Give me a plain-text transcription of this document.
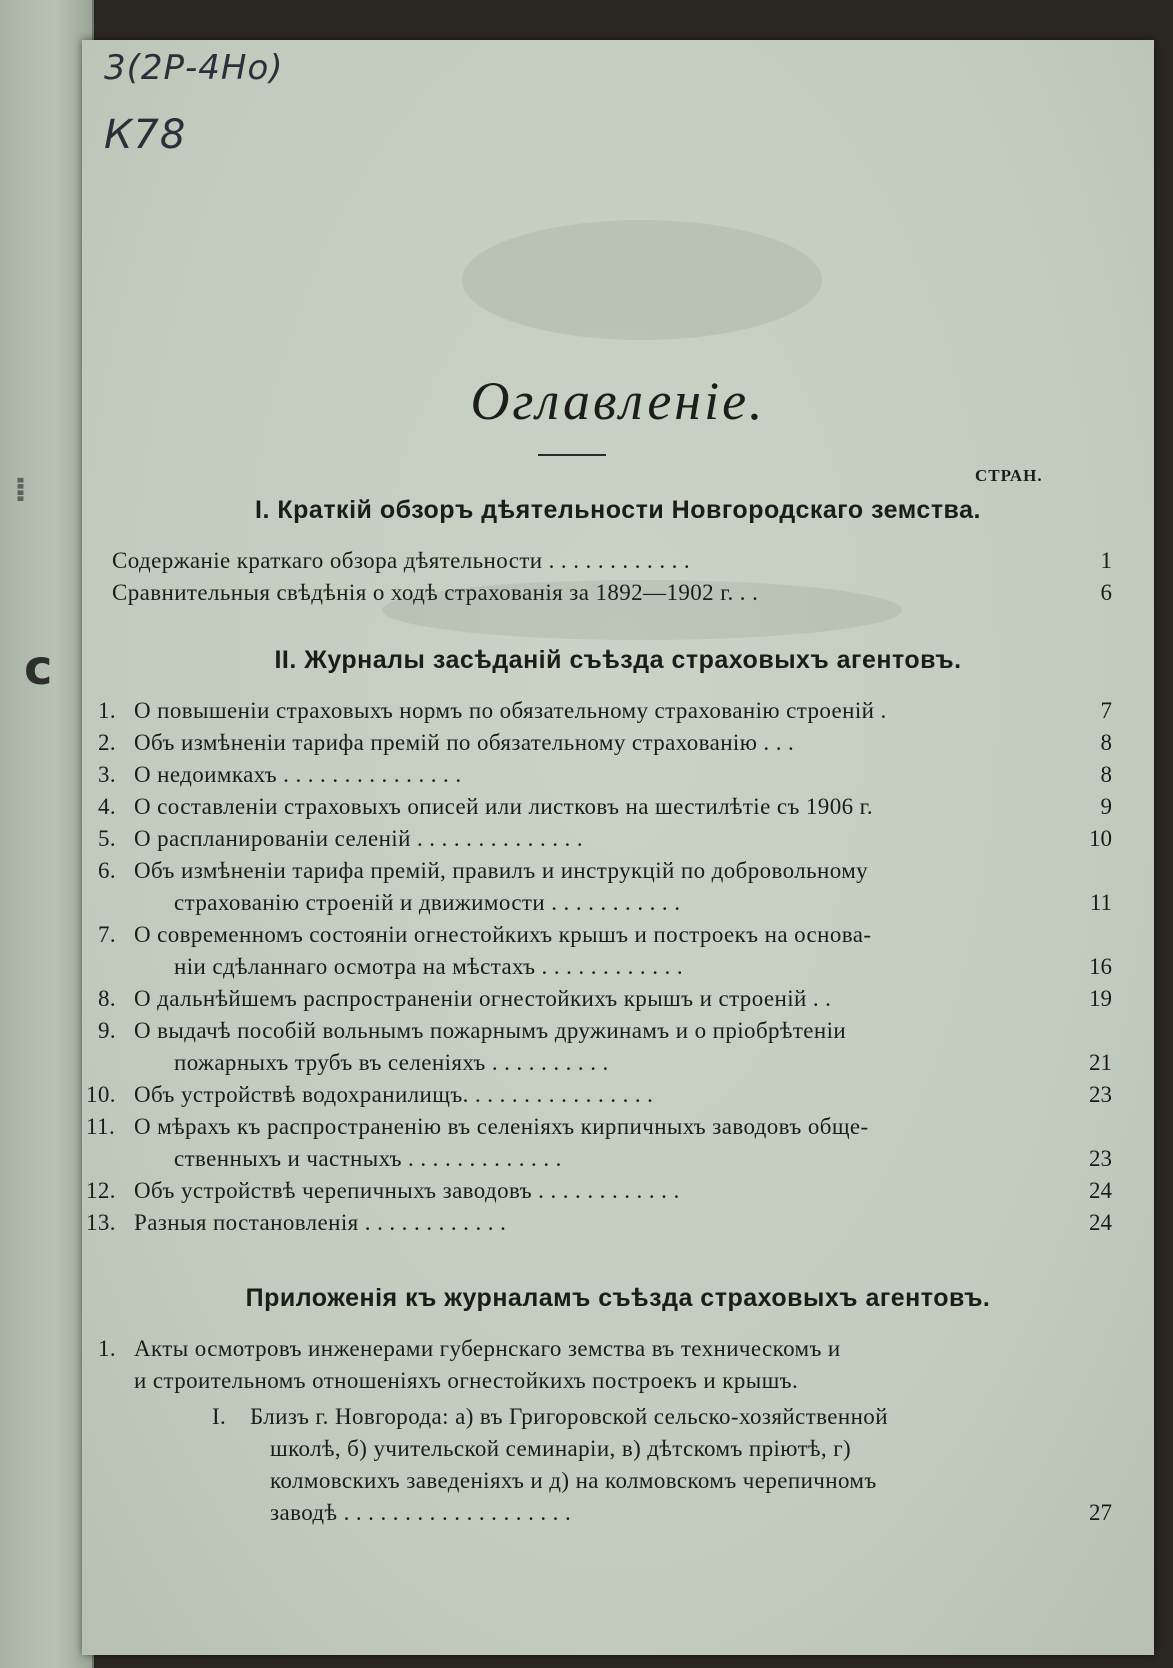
⁞
с
3(2Р-4Но)
К78
Оглавленіе.
СТРАН.
I. Краткій обзоръ дѣятельности Новгородскаго земства.
Содержаніе краткаго обзора дѣятельности . . . . . . . . . . . .	1
Сравнительныя свѣдѣнія о ходѣ страхованія за 1892—1902 г. . .	6
II. Журналы засѣданій съѣзда страховыхъ агентовъ.
1. О повышеніи страховыхъ нормъ по обязательному страхованію строеній .	7
2. Объ измѣненіи тарифа премій по обязательному страхованію . . .	8
3. О недоимкахъ . . . . . . . . . . . . . . .	8
4. О составленіи страховыхъ описей или листковъ на шестилѣтіе съ 1906 г.	9
5. О распланированіи селеній . . . . . . . . . . . . . .	10
6. Объ измѣненіи тарифа премій, правилъ и инструкцій по добровольному
страхованію строеній и движимости . . . . . . . . . . .	11
7. О современномъ состояніи огнестойкихъ крышъ и построекъ на основа-
ніи сдѣланнаго осмотра на мѣстахъ . . . . . . . . . . . .	16
8. О дальнѣйшемъ распространеніи огнестойкихъ крышъ и строеній . .	19
9. О выдачѣ пособій вольнымъ пожарнымъ дружинамъ и о пріобрѣтеніи
пожарныхъ трубъ въ селеніяхъ . . . . . . . . . .	21
10. Объ устройствѣ водохранилищъ. . . . . . . . . . . . . . . .	23
11. О мѣрахъ къ распространенію въ селеніяхъ кирпичныхъ заводовъ обще-
ственныхъ и частныхъ . . . . . . . . . . . . .	23
12. Объ устройствѣ черепичныхъ заводовъ . . . . . . . . . . . .	24
13. Разныя постановленія . . . . . . . . . . . .	24
Приложенія къ журналамъ съѣзда страховыхъ агентовъ.
1. Акты осмотровъ инженерами губернскаго земства въ техническомъ и
и строительномъ отношеніяхъ огнестойкихъ построекъ и крышъ.
I. Близъ г. Новгорода: а) въ Григоровской сельско-хозяйственной
школѣ, б) учительской семинаріи, в) дѣтскомъ пріютѣ, г)
колмовскихъ заведеніяхъ и д) на колмовскомъ черепичномъ
заводѣ . . . . . . . . . . . . . . . . . . .	27
